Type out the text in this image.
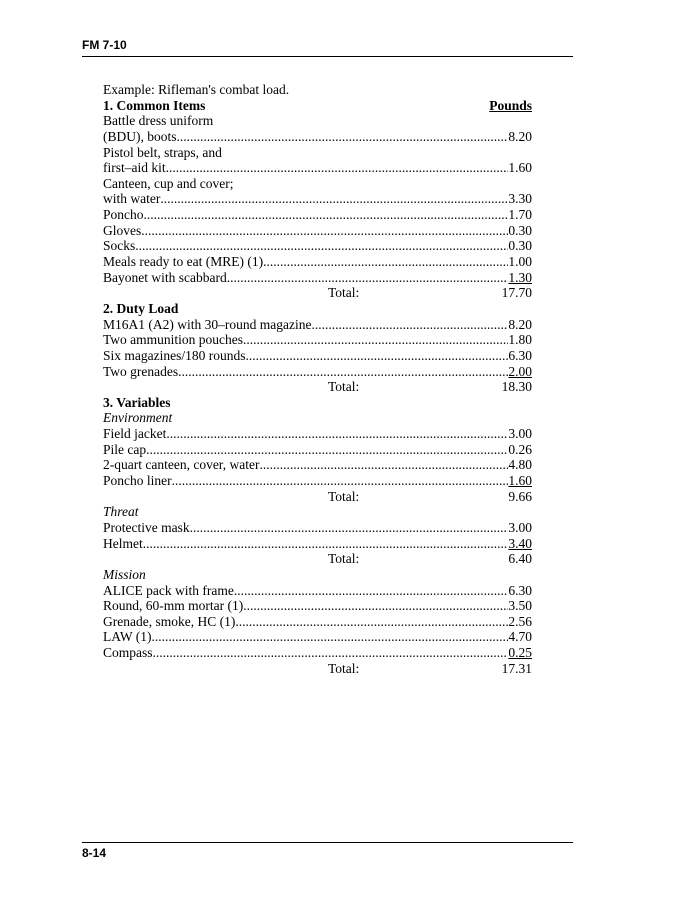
FM 7-10
Example: Rifleman's combat load.
1. Common Items	Pounds
Battle dress uniform
(BDU), boots .....	8.20
Pistol belt, straps, and
first–aid kit .....	1.60
Canteen, cup and cover;
with water .....	3.30
Poncho .....	1.70
Gloves .....	0.30
Socks .....	0.30
Meals ready to eat (MRE) (1) .....	1.00
Bayonet with scabbard .....	1.30
Total:	17.70
2. Duty Load
M16A1 (A2) with 30–round magazine .....	8.20
Two ammunition pouches .....	1.80
Six magazines/180 rounds .....	6.30
Two grenades .....	2.00
Total:	18.30
3. Variables
Environment
Field jacket .....	3.00
Pile cap .....	0.26
2-quart canteen, cover, water .....	4.80
Poncho liner .....	1.60
Total:	9.66
Threat
Protective mask .....	3.00
Helmet .....	3.40
Total:	6.40
Mission
ALICE pack with frame .....	6.30
Round, 60-mm mortar (1) .....	3.50
Grenade, smoke, HC (1) .....	2.56
LAW (1) .....	4.70
Compass .....	0.25
Total:	17.31
8-14
